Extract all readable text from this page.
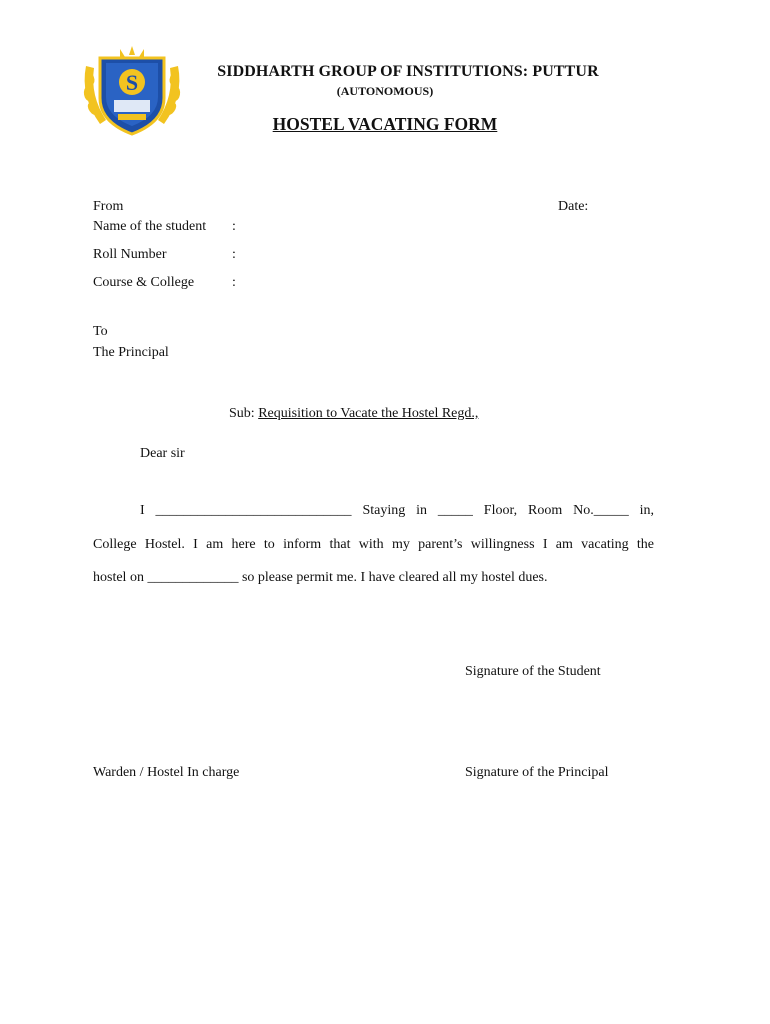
S	SIDDHARTH GROUP OF INSTITUTIONS: PUTTUR
(AUTONOMOUS)
HOSTEL VACATING FORM
From	Date:
Name of the student :
Roll Number	:
Course & College	:
To
The Principal
Sub: Requisition to Vacate the Hostel Regd.,
Dear sir
I ____________________________ Staying in _____ Floor, Room No._____ in,
College Hostel. I am here to inform that with my parent’s willingness I am vacating the
hostel on _____________ so please permit me. I have cleared all my hostel dues.
Signature of the Student
Warden / Hostel In charge	Signature of the Principal
